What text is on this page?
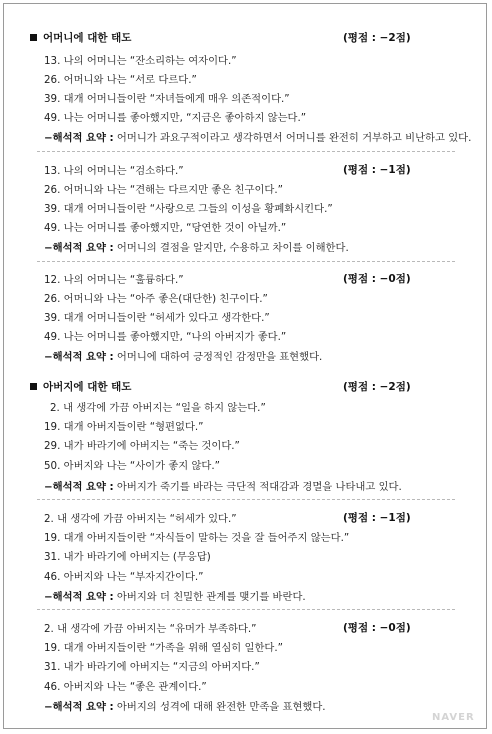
어머니에 대한 태도	(평점 : −2점)
13. 나의 어머니는 “잔소리하는 여자이다.”
26. 어머니와 나는 “서로 다르다.”
39. 대개 어머니들이란 “자녀들에게 매우 의존적이다.”
49. 나는 어머니를 좋아했지만, “지금은 좋아하지 않는다.”
−해석적 요약 : 어머니가 과요구적이라고 생각하면서 어머니를 완전히 거부하고 비난하고 있다.
(평점 : −1점)
13. 나의 어머니는 “검소하다.”
26. 어머니와 나는 “견해는 다르지만 좋은 친구이다.”
39. 대개 어머니들이란 “사랑으로 그들의 이성을 황폐화시킨다.”
49. 나는 어머니를 좋아했지만, “당연한 것이 아닐까.”
−해석적 요약 : 어머니의 결점을 알지만, 수용하고 차이를 이해한다.
(평점 : −0점)
12. 나의 어머니는 “훌륭하다.”
26. 어머니와 나는 “아주 좋은(대단한) 친구이다.”
39. 대개 어머니들이란 “허세가 있다고 생각한다.”
49. 나는 어머니를 좋아했지만, “나의 아버지가 좋다.”
−해석적 요약 : 어머니에 대하여 긍정적인 감정만을 표현했다.
아버지에 대한 태도	(평점 : −2점)
2. 내 생각에 가끔 아버지는 “일을 하지 않는다.”
19. 대개 아버지들이란 “형편없다.”
29. 내가 바라기에 아버지는 “죽는 것이다.”
50. 아버지와 나는 “사이가 좋지 않다.”
−해석적 요약 : 아버지가 죽기를 바라는 극단적 적대감과 경멸을 나타내고 있다.
(평점 : −1점)
2. 내 생각에 가끔 아버지는 “허세가 있다.”
19. 대개 아버지들이란 “자식들이 말하는 것을 잘 들어주지 않는다.”
31. 내가 바라기에 아버지는 (무응답)
46. 아버지와 나는 “부자지간이다.”
−해석적 요약 : 아버지와 더 친밀한 관계를 맺기를 바란다.
(평점 : −0점)
2. 내 생각에 가끔 아버지는 “유머가 부족하다.”
19. 대개 아버지들이란 “가족을 위해 열심히 일한다.”
31. 내가 바라기에 아버지는 “지금의 아버지다.”
46. 아버지와 나는 “좋은 관계이다.”
−해석적 요약 : 아버지의 성격에 대해 완전한 만족을 표현했다.
NAVER
